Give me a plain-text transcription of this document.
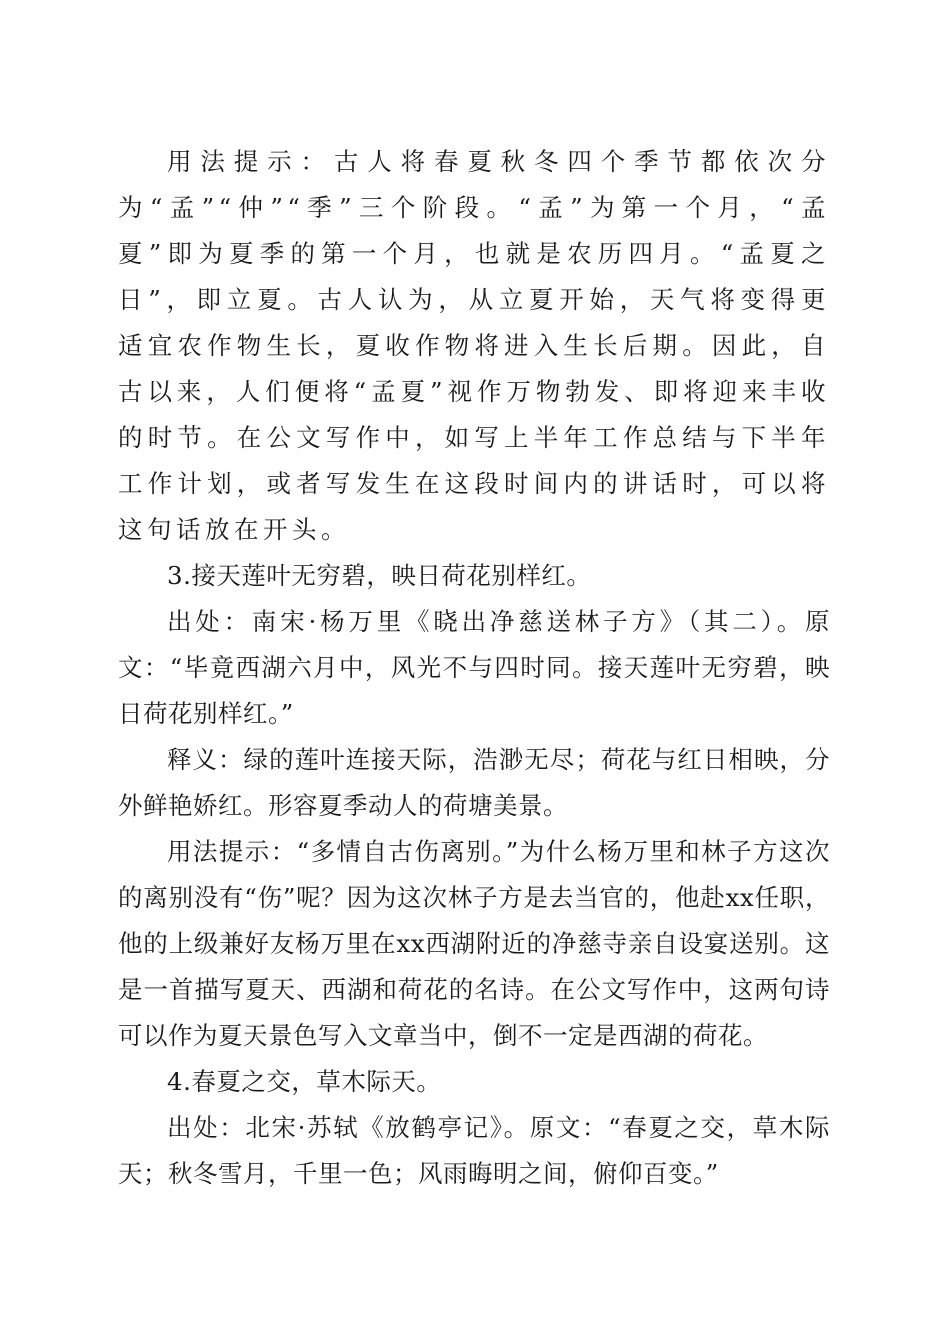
用法提示：古人将春夏秋冬四个季节都依次分为“孟”“仲”“季”三个阶段。“孟”为第一个月，“孟夏”即为夏季的第一个月，也就是农历四月。“孟夏之日”，即立夏。古人认为，从立夏开始，天气将变得更适宜农作物生长，夏收作物将进入生长后期。因此，自古以来，人们便将“孟夏”视作万物勃发、即将迎来丰收的时节。在公文写作中，如写上半年工作总结与下半年工作计划，或者写发生在这段时间内的讲话时，可以将这句话放在开头。

3.接天莲叶无穷碧，映日荷花别样红。

出处：南宋·杨万里《晓出净慈送林子方》（其二）。原文：“毕竟西湖六月中，风光不与四时同。接天莲叶无穷碧，映日荷花别样红。”

释义：绿的莲叶连接天际，浩渺无尽；荷花与红日相映，分外鲜艳娇红。形容夏季动人的荷塘美景。

用法提示：“多情自古伤离别。”为什么杨万里和林子方这次的离别没有“伤”呢？因为这次林子方是去当官的，他赴xx任职，他的上级兼好友杨万里在xx西湖附近的净慈寺亲自设宴送别。这是一首描写夏天、西湖和荷花的名诗。在公文写作中，这两句诗可以作为夏天景色写入文章当中，倒不一定是西湖的荷花。

4.春夏之交，草木际天。

出处：北宋·苏轼《放鹤亭记》。原文：“春夏之交，草木际天；秋冬雪月，千里一色；风雨晦明之间，俯仰百变。”
